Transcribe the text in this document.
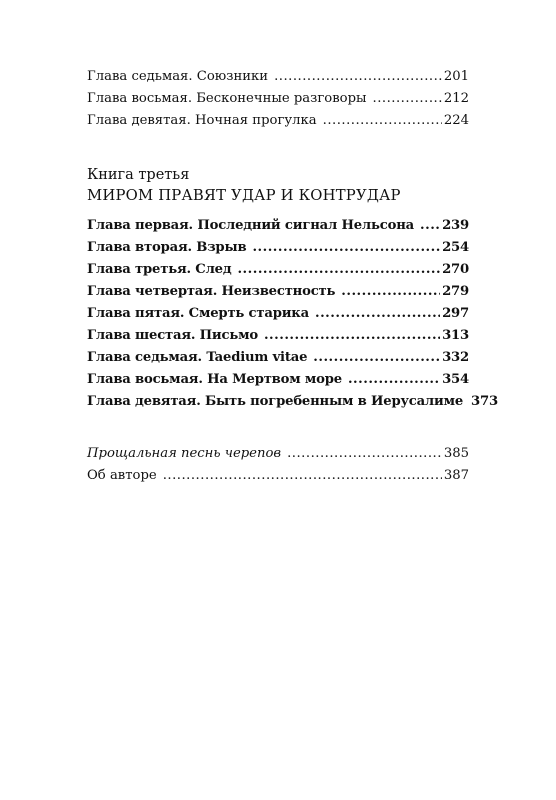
Глава седьмая. Союзники .....	201
Глава восьмая. Бесконечные разговоры .....	212
Глава девятая. Ночная прогулка .....	224
Книга третья
МИРОМ ПРАВЯТ УДАР И КОНТРУДАР
Глава первая. Последний сигнал Нельсона ..... 239
Глава вторая. Взрыв .....	254
Глава третья. След .....	270
Глава четвертая. Неизвестность .....	279
Глава пятая. Смерть старика .....	297
Глава шестая. Письмо .....	313
Глава седьмая. Taedium vitae .....	332
Глава восьмая. На Мертвом море .....	354
Глава девятая. Быть погребенным в Иерусалиме 373
Прощальная песнь черепов .....	385
Об авторе .....	387
